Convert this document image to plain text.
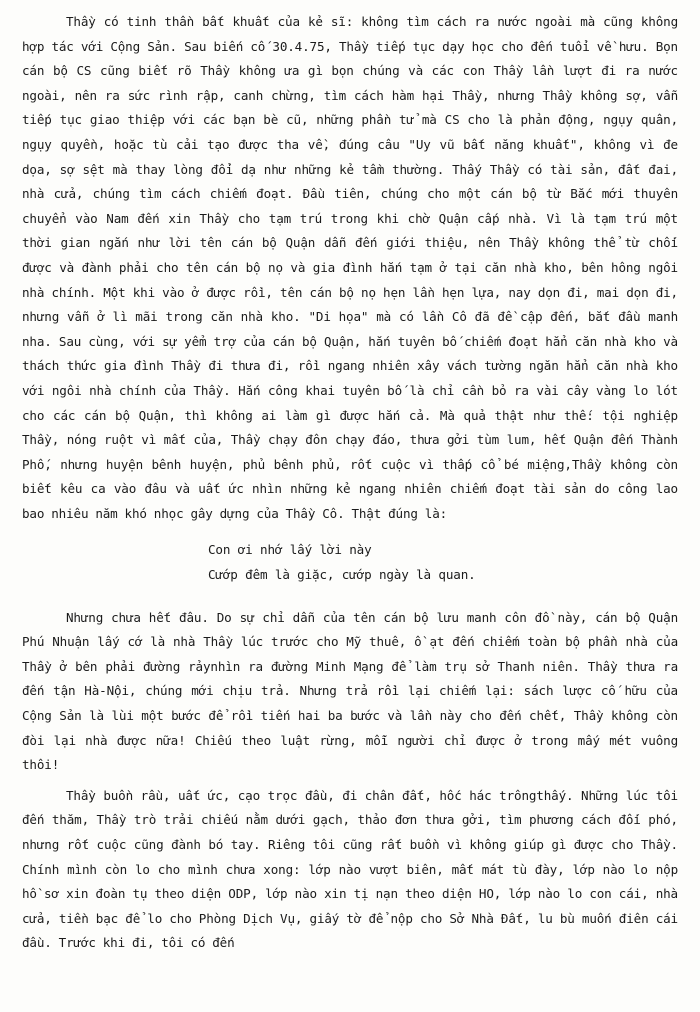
Thầy có tinh thần bất khuất của kẻ sĩ: không tìm cách ra nước ngoài mà cũng không hợp tác với Cộng Sản. Sau biến cố 30.4.75, Thầy tiếp tục dạy học cho đến tuổi về hưu. Bọn cán bộ CS cũng biết rõ Thầy không ưa gì bọn chúng và các con Thầy lần lượt đi ra nước ngoài, nên ra sức rình rập, canh chừng, tìm cách hàm hại Thầy, nhưng Thầy không sợ, vẫn tiếp tục giao thiệp với các bạn bè cũ, những phần tử mà CS cho là phản động, ngụy quân, ngụy quyền, hoặc tù cải tạo được tha về, đúng câu "Uy vũ bất năng khuất", không vì đe dọa, sợ sệt mà thay lòng đổi dạ như những kẻ tầm thường. Thấy Thầy có tài sản, đất đai, nhà cửa, chúng tìm cách chiếm đoạt. Đầu tiên, chúng cho một cán bộ từ Bắc mới thuyên chuyển vào Nam đến xin Thầy cho tạm trú trong khi chờ Quận cấp nhà. Vì là tạm trú một thời gian ngắn như lời tên cán bộ Quận dẫn đến giới thiệu, nên Thầy không thể từ chối được và đành phải cho tên cán bộ nọ và gia đình hắn tạm ở tại căn nhà kho, bên hông ngôi nhà chính. Một khi vào ở được rồi, tên cán bộ nọ hẹn lần hẹn lựa, nay dọn đi, mai dọn đi, nhưng vẫn ở lì mãi trong căn nhà kho. "Di họa" mà có lần Cô đã đề cập đến, bắt đầu manh nha. Sau cùng, với sự yểm trợ của cán bộ Quận, hắn tuyên bố chiếm đoạt hẳn căn nhà kho và thách thức gia đình Thầy đi thưa đi, rồi ngang nhiên xây vách tường ngăn hẳn căn nhà kho với ngôi nhà chính của Thầy. Hắn công khai tuyên bố là chỉ cần bỏ ra vài cây vàng lo lót cho các cán bộ Quận, thì không ai làm gì được hắn cả. Mà quả thật như thế: tội nghiệp Thầy, nóng ruột vì mất của, Thầy chạy đôn chạy đáo, thưa gởi tùm lum, hết Quận đến Thành Phố, nhưng huyện bênh huyện, phủ bênh phủ, rốt cuộc vì thấp cổ bé miệng,Thầy không còn biết kêu ca vào đâu và uất ức nhìn những kẻ ngang nhiên chiếm đoạt tài sản do công lao bao nhiêu năm khó nhọc gây dựng của Thầy Cô. Thật đúng là:

Con ơi nhớ lấy lời này
Cướp đêm là giặc, cướp ngày là quan.

Nhưng chưa hết đâu. Do sự chỉ dẫn của tên cán bộ lưu manh côn đồ này, cán bộ Quận Phú Nhuận lấy cớ là nhà Thầy lúc trước cho Mỹ thuê, ồ ạt đến chiếm toàn bộ phần nhà của Thầy ở bên phải đường rảynhìn ra đường Minh Mạng để làm trụ sở Thanh niên. Thầy thưa ra đến tận Hà-Nội, chúng mới chịu trả. Nhưng trả rồi lại chiếm lại: sách lược cố hữu của Cộng Sản là lùi một bước để rồi tiến hai ba bước và lần này cho đến chết, Thầy không còn đòi lại nhà được nữa! Chiếu theo luật rừng, mỗi người chỉ được ở trong mấy mét vuông thôi!

Thầy buồn rầu, uất ức, cạo trọc đầu, đi chân đất, hốc hác trôngthấy. Những lúc tôi đến thăm, Thầy trò trải chiếu nằm dưới gạch, thảo đơn thưa gởi, tìm phương cách đối phó, nhưng rốt cuộc cũng đành bó tay. Riêng tôi cũng rất buồn vì không giúp gì được cho Thầy. Chính mình còn lo cho mình chưa xong: lớp nào vượt biên, mất mát tù đày, lớp nào lo nộp hồ sơ xin đoàn tụ theo diện ODP, lớp nào xin tị nạn theo diện HO, lớp nào lo con cái, nhà cửa, tiền bạc để lo cho Phòng Dịch Vụ, giấy tờ để nộp cho Sở Nhà Đất, lu bù muốn điên cái đầu. Trước khi đi, tôi có đến
